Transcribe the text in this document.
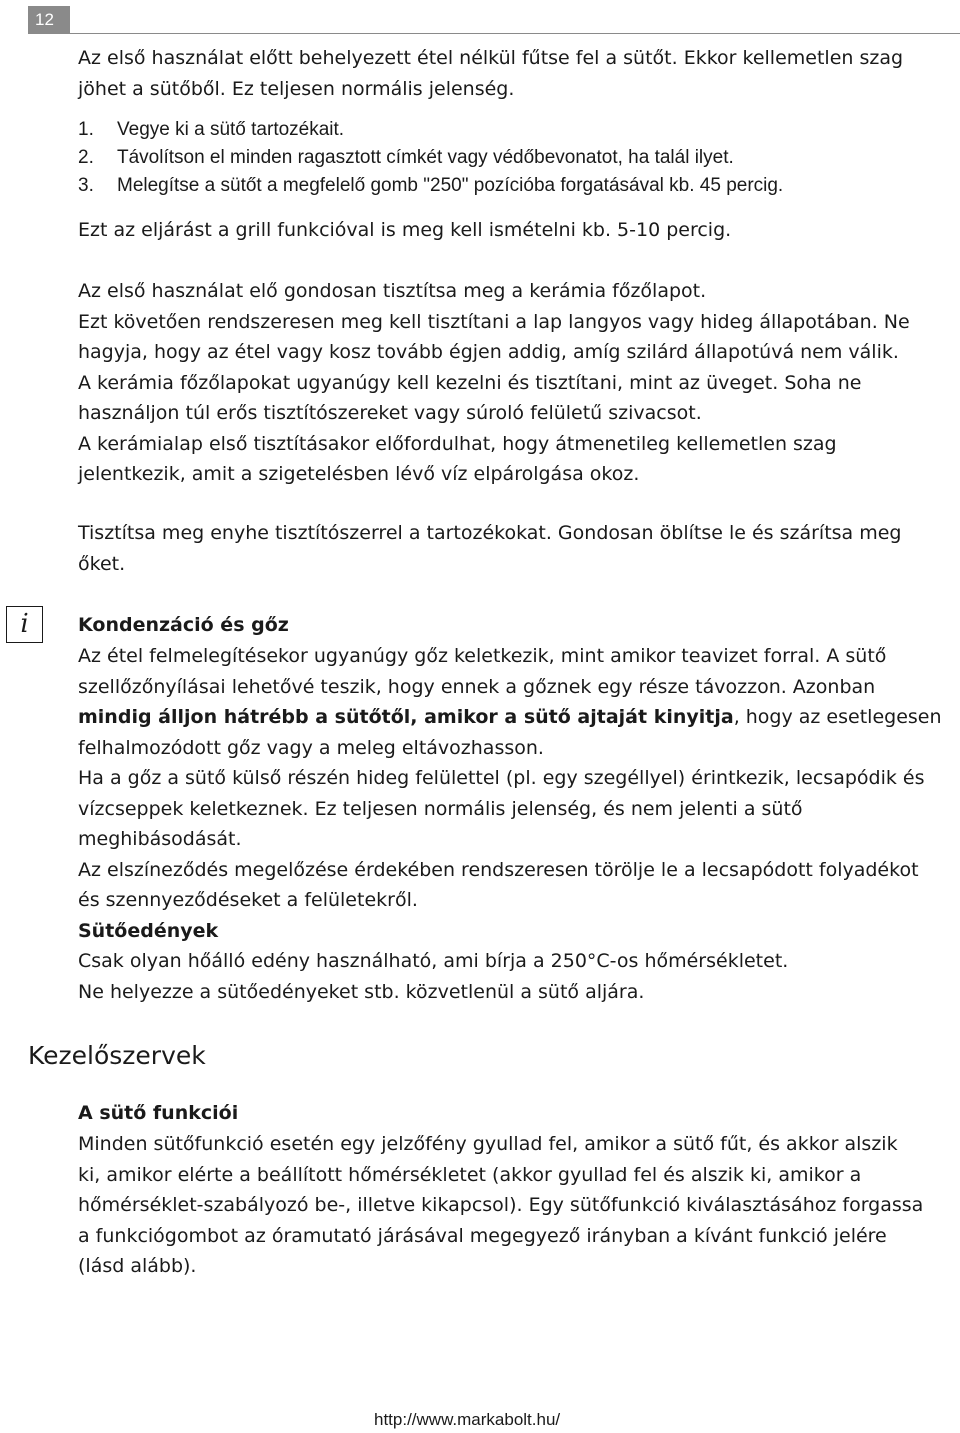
12

Az első használat előtt behelyezett étel nélkül fűtse fel a sütőt. Ekkor kellemetlen szag
jöhet a sütőből. Ez teljesen normális jelenség.

1. Vegye ki a sütő tartozékait.
2. Távolítson el minden ragasztott címkét vagy védőbevonatot, ha talál ilyet.
3. Melegítse a sütőt a megfelelő gomb "250" pozícióba forgatásával kb. 45 percig.

Ezt az eljárást a grill funkcióval is meg kell ismételni kb. 5-10 percig.

Az első használat elő gondosan tisztítsa meg a kerámia főzőlapot.
Ezt követően rendszeresen meg kell tisztítani a lap langyos vagy hideg állapotában. Ne
hagyja, hogy az étel vagy kosz tovább égjen addig, amíg szilárd állapotúvá nem válik.
A kerámia főzőlapokat ugyanúgy kell kezelni és tisztítani, mint az üveget. Soha ne
használjon túl erős tisztítószereket vagy súroló felületű szivacsot.
A kerámialap első tisztításakor előfordulhat, hogy átmenetileg kellemetlen szag
jelentkezik, amit a szigetelésben lévő víz elpárolgása okoz.

Tisztítsa meg enyhe tisztítószerrel a tartozékokat. Gondosan öblítse le és szárítsa meg
őket.

i	Kondenzáció és gőz

Az étel felmelegítésekor ugyanúgy gőz keletkezik, mint amikor teavizet forral. A sütő
szellőzőnyílásai lehetővé teszik, hogy ennek a gőznek egy része távozzon. Azonban
mindig álljon hátrébb a sütőtől, amikor a sütő ajtaját kinyitja, hogy az esetlegesen
felhalmozódott gőz vagy a meleg eltávozhasson.
Ha a gőz a sütő külső részén hideg felülettel (pl. egy szegéllyel) érintkezik, lecsapódik és
vízcseppek keletkeznek. Ez teljesen normális jelenség, és nem jelenti a sütő
meghibásodását.
Az elszíneződés megelőzése érdekében rendszeresen törölje le a lecsapódott folyadékot
és szennyeződéseket a felületekről.

Sütőedények

Csak olyan hőálló edény használható, ami bírja a 250°C-os hőmérsékletet.
Ne helyezze a sütőedényeket stb. közvetlenül a sütő aljára.

Kezelőszervek
A sütő funkciói

Minden sütőfunkció esetén egy jelzőfény gyullad fel, amikor a sütő fűt, és akkor alszik
ki, amikor elérte a beállított hőmérsékletet (akkor gyullad fel és alszik ki, amikor a
hőmérséklet-szabályozó be-, illetve kikapcsol). Egy sütőfunkció kiválasztásához forgassa
a funkciógombot az óramutató járásával megegyező irányban a kívánt funkció jelére
(lásd alább).

http://www.markabolt.hu/
